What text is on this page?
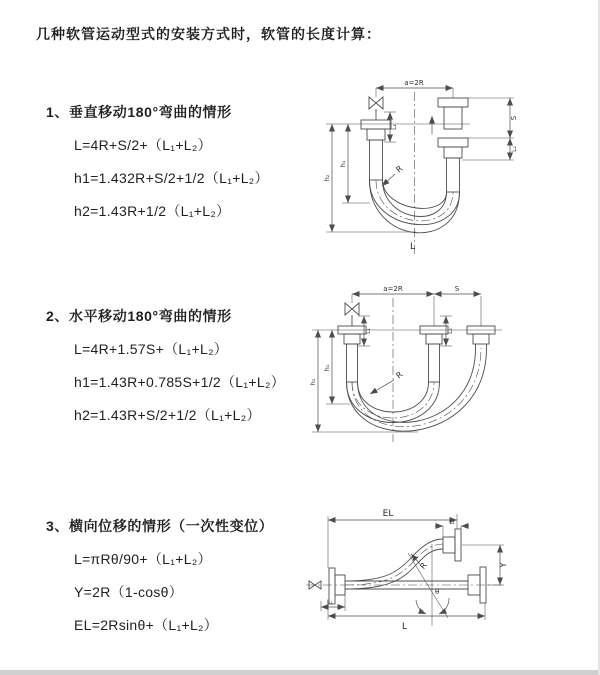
几种软管运动型式的安装方式时，软管的长度计算：
1、垂直移动180°弯曲的情形
L=4R+S/2+（L₁+L₂）
h1=1.432R+S/2+1/2（L₁+L₂）
h2=1.43R+1/2（L₁+L₂）
a=2R
L₁
S
L₂
h₁
h₂
R
L
2、水平移动180°弯曲的情形
L=4R+1.57S+（L₁+L₂）
h1=1.43R+0.785S+1/2（L₁+L₂）
h2=1.43R+S/2+1/2（L₁+L₂）
a=2R	S
L₁	L₂
h₁
h₂
R
3、横向位移的情形（一次性变位）
L=πRθ/90+（L₁+L₂）
Y=2R（1-cosθ）
EL=2Rsinθ+（L₁+L₂）
EL
L₂
Y
θ
R
L₁
L
